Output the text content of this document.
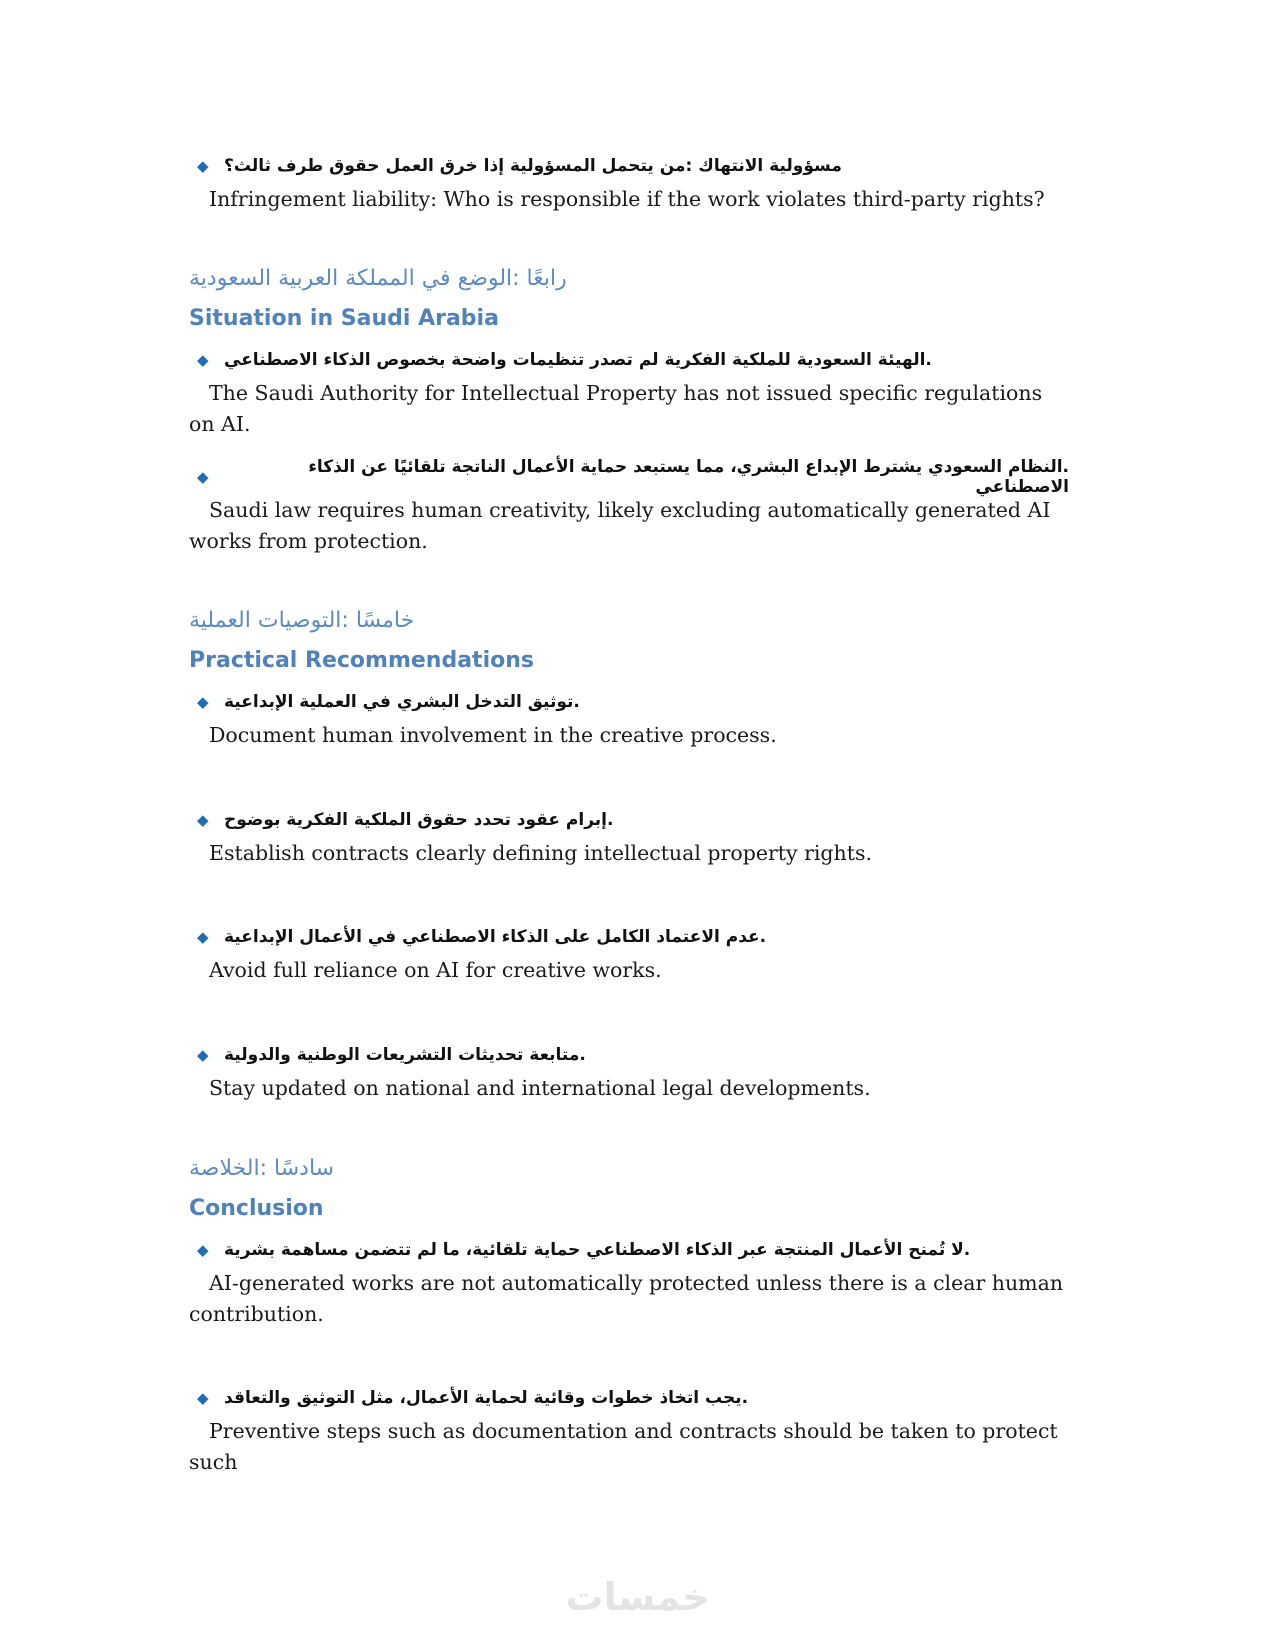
◆ مسؤولية الانتهاك :من يتحمل المسؤولية إذا خرق العمل حقوق طرف ثالث؟
Infringement liability: Who is responsible if the work violates third-party rights?
رابعًا :الوضع في المملكة العربية السعودية
Situation in Saudi Arabia
◆ .الهيئة السعودية للملكية الفكرية لم تصدر تنظيمات واضحة بخصوص الذكاء الاصطناعي
The Saudi Authority for Intellectual Property has not issued specific regulations on AI.
◆	.النظام السعودي يشترط الإبداع البشري، مما يستبعد حماية الأعمال الناتجة تلقائيًا عن الذكاء الاصطناعي
Saudi law requires human creativity, likely excluding automatically generated AI works from protection.
خامسًا :التوصيات العملية
Practical Recommendations
◆ .توثيق التدخل البشري في العملية الإبداعية
Document human involvement in the creative process.
◆ .إبرام عقود تحدد حقوق الملكية الفكرية بوضوح
Establish contracts clearly defining intellectual property rights.
◆ .عدم الاعتماد الكامل على الذكاء الاصطناعي في الأعمال الإبداعية
Avoid full reliance on AI for creative works.
◆ .متابعة تحديثات التشريعات الوطنية والدولية
Stay updated on national and international legal developments.
سادسًا :الخلاصة
Conclusion
◆ .لا تُمنح الأعمال المنتجة عبر الذكاء الاصطناعي حماية تلقائية، ما لم تتضمن مساهمة بشرية
AI-generated works are not automatically protected unless there is a clear human contribution.
◆ .يجب اتخاذ خطوات وقائية لحماية الأعمال، مثل التوثيق والتعاقد
Preventive steps such as documentation and contracts should be taken to protect such
خمسات
